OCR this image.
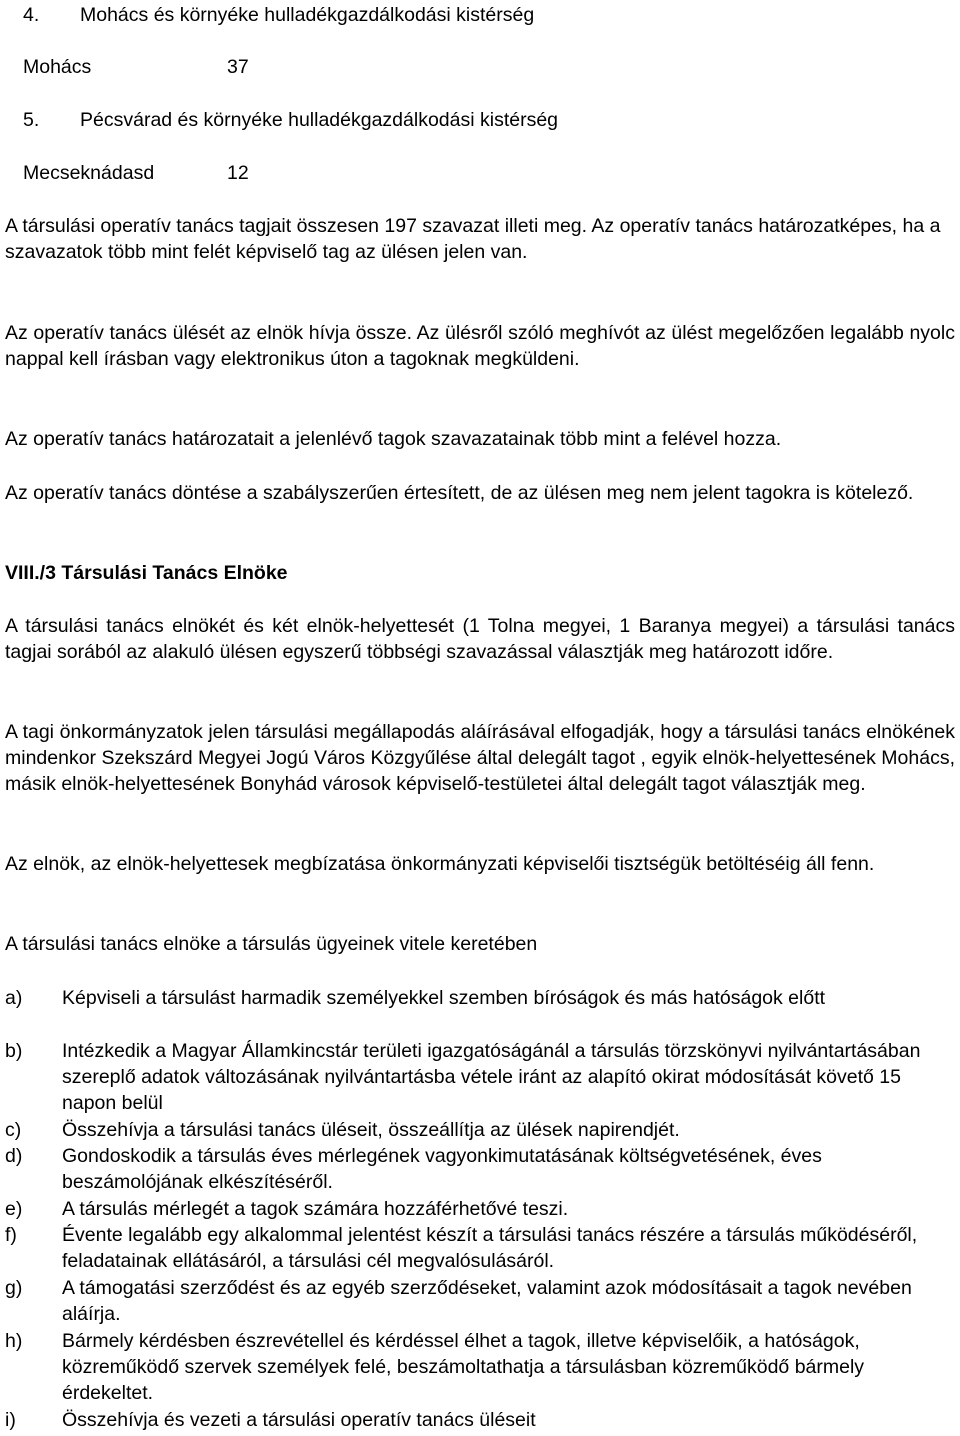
4. Mohács és környéke hulladékgazdálkodási kistérség
Mohács	37
5. Pécsvárad és környéke hulladékgazdálkodási kistérség
Mecseknádasd	12

A társulási operatív tanács tagjait összesen 197 szavazat illeti meg. Az operatív tanács határozatképes, ha a szavazatok több mint felét képviselő tag az ülésen jelen van.

Az operatív tanács ülését az elnök hívja össze. Az ülésről szóló meghívót az ülést megelőzően legalább nyolc nappal kell írásban vagy elektronikus úton a tagoknak megküldeni.

Az operatív tanács határozatait a jelenlévő tagok szavazatainak több mint a felével hozza.

Az operatív tanács döntése a szabályszerűen értesített, de az ülésen meg nem jelent tagokra is kötelező.

VIII./3 Társulási Tanács Elnöke

A társulási tanács elnökét és két elnök-helyettesét (1 Tolna megyei, 1 Baranya megyei) a társulási tanács tagjai sorából az alakuló ülésen egyszerű többségi szavazással választják meg határozott időre.

A tagi önkormányzatok jelen társulási megállapodás aláírásával elfogadják, hogy a társulási tanács elnökének mindenkor Szekszárd Megyei Jogú Város Közgyűlése által delegált tagot , egyik elnök-helyettesének Mohács, másik elnök-helyettesének Bonyhád városok képviselő-testületei által delegált tagot választják meg.

Az elnök, az elnök-helyettesek megbízatása önkormányzati képviselői tisztségük betöltéséig áll fenn.

A társulási tanács elnöke a társulás ügyeinek vitele keretében

a) Képviseli a társulást harmadik személyekkel szemben bíróságok és más hatóságok előtt
b) Intézkedik a Magyar Államkincstár területi igazgatóságánál a társulás törzskönyvi nyilvántartásában szereplő adatok változásának nyilvántartásba vétele iránt az alapító okirat módosítását követő 15 napon belül
c) Összehívja a társulási tanács üléseit, összeállítja az ülések napirendjét.
d) Gondoskodik a társulás éves mérlegének vagyonkimutatásának költségvetésének, éves beszámolójának elkészítéséről.
e) A társulás mérlegét a tagok számára hozzáférhetővé teszi.
f) Évente legalább egy alkalommal jelentést készít a társulási tanács részére a társulás működéséről, feladatainak ellátásáról, a társulási cél megvalósulásáról.
g) A támogatási szerződést és az egyéb szerződéseket, valamint azok módosításait a tagok nevében aláírja.
h) Bármely kérdésben észrevétellel és kérdéssel élhet a tagok, illetve képviselőik, a hatóságok, közreműködő szervek személyek felé, beszámoltathatja a társulásban közreműködő bármely érdekeltet.
i) Összehívja és vezeti a társulási operatív tanács üléseit
